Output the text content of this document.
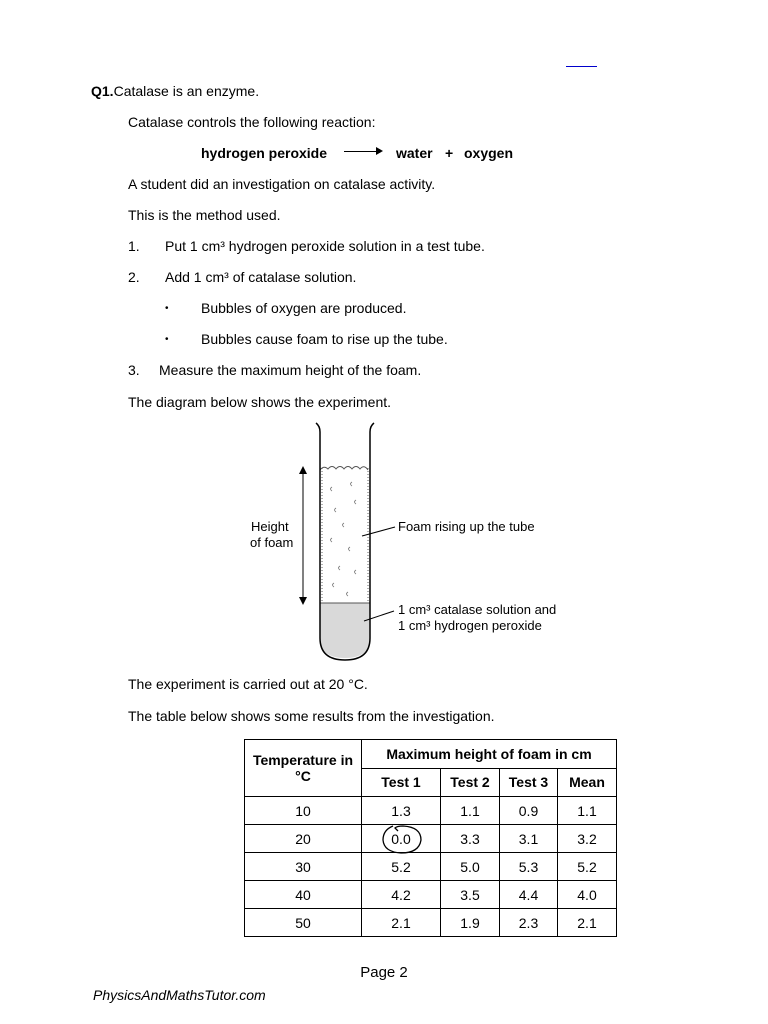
Q1.Catalase is an enzyme.
Catalase controls the following reaction:
hydrogen peroxide	water + oxygen
A student did an investigation on catalase activity.
This is the method used.
1. Put 1 cm³ hydrogen peroxide solution in a test tube.
2. Add 1 cm³ of catalase solution.
• Bubbles of oxygen are produced.
• Bubbles cause foam to rise up the tube.
3. Measure the maximum height of the foam.
The diagram below shows the experiment.
Height
of foam
Foam rising up the tube
1 cm³ catalase solution and
1 cm³ hydrogen peroxide
The experiment is carried out at 20 °C.
The table below shows some results from the investigation.
Temperature in °C	Maximum height of foam in cm			
	Test 1	Test 2	Test 3	Mean
10	1.3	1.1	0.9	1.1
20	0.0	3.3	3.1	3.2
30	5.2	5.0	5.3	5.2
40	4.2	3.5	4.4	4.0
50	2.1	1.9	2.3	2.1
Page 2
PhysicsAndMathsTutor.com
